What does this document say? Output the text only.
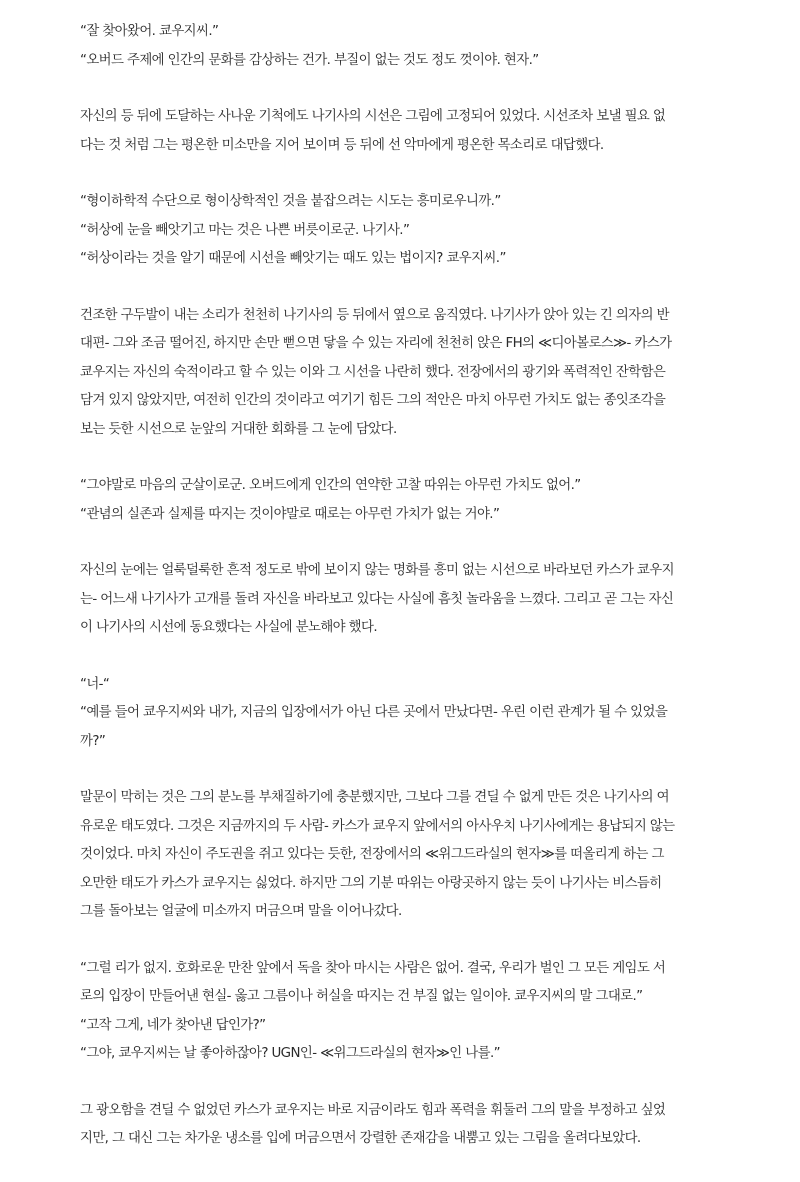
“잘 찾아왔어. 쿄우지씨.”
“오버드 주제에 인간의 문화를 감상하는 건가. 부질이 없는 것도 정도 껏이야. 현자.”
자신의 등 뒤에 도달하는 사나운 기척에도 나기사의 시선은 그림에 고정되어 있었다. 시선조차 보낼 필요 없
다는 것 처럼 그는 평온한 미소만을 지어 보이며 등 뒤에 선 악마에게 평온한 목소리로 대답했다.
“형이하학적 수단으로 형이상학적인 것을 붙잡으려는 시도는 흥미로우니까.”
“허상에 눈을 빼앗기고 마는 것은 나쁜 버릇이로군. 나기사.”
“허상이라는 것을 알기 때문에 시선을 빼앗기는 때도 있는 법이지? 쿄우지씨.”
건조한 구두발이 내는 소리가 천천히 나기사의 등 뒤에서 옆으로 움직였다. 나기사가 앉아 있는 긴 의자의 반
대편- 그와 조금 떨어진, 하지만 손만 뻗으면 닿을 수 있는 자리에 천천히 앉은 FH의 ≪디아볼로스≫- 카스가
쿄우지는 자신의 숙적이라고 할 수 있는 이와 그 시선을 나란히 했다. 전장에서의 광기와 폭력적인 잔학함은
담겨 있지 않았지만, 여전히 인간의 것이라고 여기기 힘든 그의 적안은 마치 아무런 가치도 없는 종잇조각을
보는 듯한 시선으로 눈앞의 거대한 회화를 그 눈에 담았다.
“그야말로 마음의 군살이로군. 오버드에게 인간의 연약한 고찰 따위는 아무런 가치도 없어.”
“관념의 실존과 실제를 따지는 것이야말로 때로는 아무런 가치가 없는 거야.”
자신의 눈에는 얼룩덜룩한 흔적 정도로 밖에 보이지 않는 명화를 흥미 없는 시선으로 바라보던 카스가 쿄우지
는- 어느새 나기사가 고개를 돌려 자신을 바라보고 있다는 사실에 흠칫 놀라움을 느꼈다. 그리고 곧 그는 자신
이 나기사의 시선에 동요했다는 사실에 분노해야 했다.
“너-“
“예를 들어 쿄우지씨와 내가, 지금의 입장에서가 아닌 다른 곳에서 만났다면- 우린 이런 관계가 될 수 있었을
까?”
말문이 막히는 것은 그의 분노를 부채질하기에 충분했지만, 그보다 그를 견딜 수 없게 만든 것은 나기사의 여
유로운 태도였다. 그것은 지금까지의 두 사람- 카스가 쿄우지 앞에서의 아사우치 나기사에게는 용납되지 않는
것이었다. 마치 자신이 주도권을 쥐고 있다는 듯한, 전장에서의 ≪위그드라실의 현자≫를 떠올리게 하는 그
오만한 태도가 카스가 쿄우지는 싫었다. 하지만 그의 기분 따위는 아랑곳하지 않는 듯이 나기사는 비스듬히
그를 돌아보는 얼굴에 미소까지 머금으며 말을 이어나갔다.
“그럴 리가 없지. 호화로운 만찬 앞에서 독을 찾아 마시는 사람은 없어. 결국, 우리가 벌인 그 모든 게임도 서
로의 입장이 만들어낸 현실- 옳고 그름이나 허실을 따지는 건 부질 없는 일이야. 쿄우지씨의 말 그대로.”
“고작 그게, 네가 찾아낸 답인가?”
“그야, 쿄우지씨는 날 좋아하잖아? UGN인- ≪위그드라실의 현자≫인 나를.”
그 광오함을 견딜 수 없었던 카스가 쿄우지는 바로 지금이라도 힘과 폭력을 휘둘러 그의 말을 부정하고 싶었
지만, 그 대신 그는 차가운 냉소를 입에 머금으면서 강렬한 존재감을 내뿜고 있는 그림을 올려다보았다.
